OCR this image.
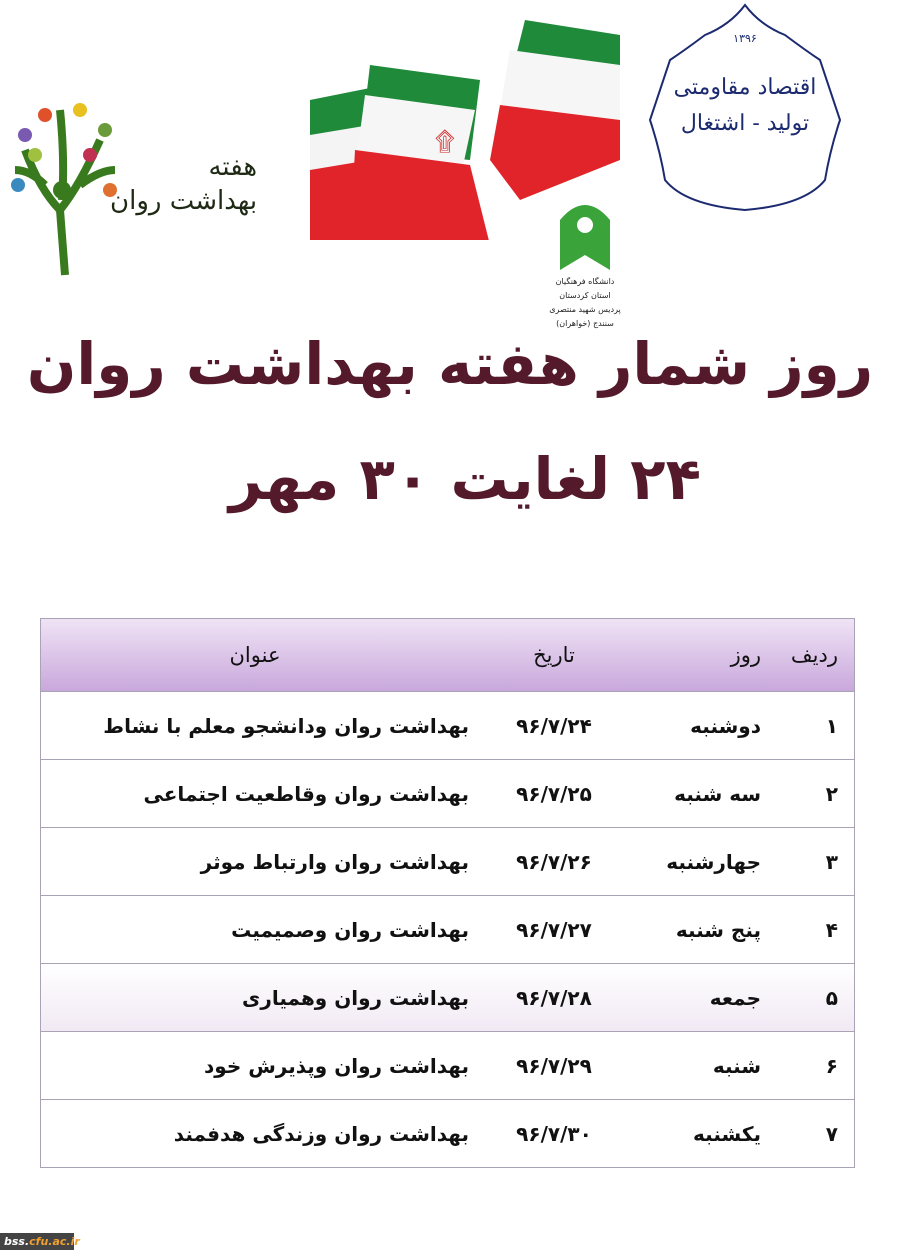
هفته
بهداشت روان
۩
۱۳۹۶
اقتصاد مقاومتی
تولید - اشتغال
دانشگاه فرهنگیان استان کردستان
پردیس شهید منتصری سنندج (خواهران)
روز شمار هفته بهداشت روان
۲۴ لغایت ۳۰ مهر
ردیف
روز
تاریخ
عنوان
۱
دوشنبه
۹۶/۷/۲۴
بهداشت روان ودانشجو معلم با نشاط
۲
سه شنبه
۹۶/۷/۲۵
بهداشت روان وقاطعیت اجتماعی
۳
جهارشنبه
۹۶/۷/۲۶
بهداشت روان وارتباط موثر
۴
پنج شنبه
۹۶/۷/۲۷
بهداشت روان وصمیمیت
۵
جمعه
۹۶/۷/۲۸
بهداشت روان وهمیاری
۶
شنبه
۹۶/۷/۲۹
بهداشت روان وپذیرش خود
۷
یکشنبه
۹۶/۷/۳۰
بهداشت روان وزندگی هدفمند
bss.cfu.ac.ir
